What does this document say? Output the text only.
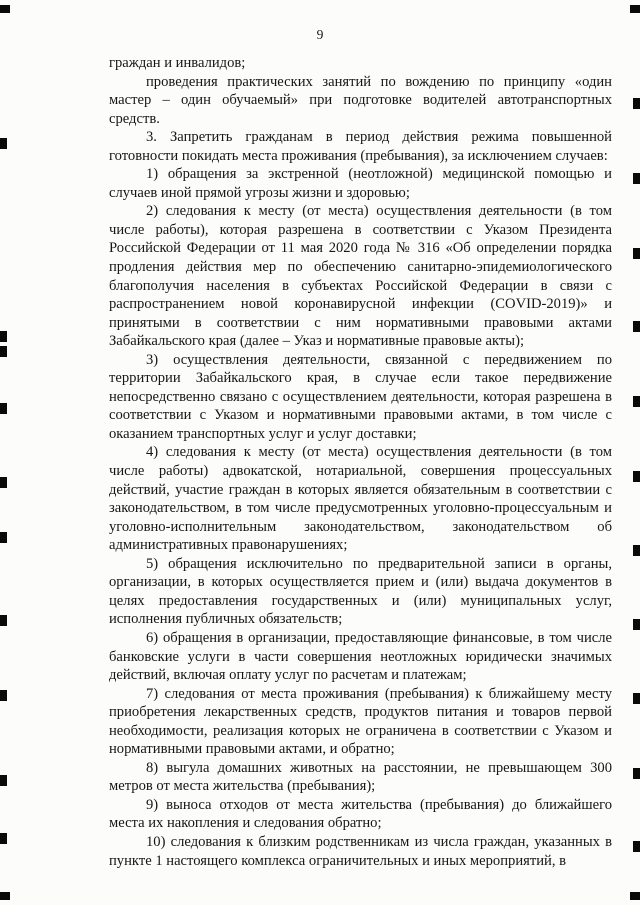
9

граждан и инвалидов;

проведения практических занятий по вождению по принципу «один мастер – один обучаемый» при подготовке водителей автотранспортных средств.

3. Запретить гражданам в период действия режима повышенной готовности покидать места проживания (пребывания), за исключением случаев:

1) обращения за экстренной (неотложной) медицинской помощью и случаев иной прямой угрозы жизни и здоровью;

2) следования к месту (от места) осуществления деятельности (в том числе работы), которая разрешена в соответствии с Указом Президента Российской Федерации от 11 мая 2020 года № 316 «Об определении порядка продления действия мер по обеспечению санитарно-эпидемиологического благополучия населения в субъектах Российской Федерации в связи с распространением новой коронавирусной инфекции (COVID-2019)» и принятыми в соответствии с ним нормативными правовыми актами Забайкальского края (далее – Указ и нормативные правовые акты);

3) осуществления деятельности, связанной с передвижением по территории Забайкальского края, в случае если такое передвижение непосредственно связано с осуществлением деятельности, которая разрешена в соответствии с Указом и нормативными правовыми актами, в том числе с оказанием транспортных услуг и услуг доставки;

4) следования к месту (от места) осуществления деятельности (в том числе работы) адвокатской, нотариальной, совершения процессуальных действий, участие граждан в которых является обязательным в соответствии с законодательством, в том числе предусмотренных уголовно-процессуальным и уголовно-исполнительным законодательством, законодательством об административных правонарушениях;

5) обращения исключительно по предварительной записи в органы, организации, в которых осуществляется прием и (или) выдача документов в целях предоставления государственных и (или) муниципальных услуг, исполнения публичных обязательств;

6) обращения в организации, предоставляющие финансовые, в том числе банковские услуги в части совершения неотложных юридически значимых действий, включая оплату услуг по расчетам и платежам;

7) следования от места проживания (пребывания) к ближайшему месту приобретения лекарственных средств, продуктов питания и товаров первой необходимости, реализация которых не ограничена в соответствии с Указом и нормативными правовыми актами, и обратно;

8) выгула домашних животных на расстоянии, не превышающем 300 метров от места жительства (пребывания);

9) выноса отходов от места жительства (пребывания) до ближайшего места их накопления и следования обратно;

10) следования к близким родственникам из числа граждан, указанных в пункте 1 настоящего комплекса ограничительных и иных мероприятий, в
